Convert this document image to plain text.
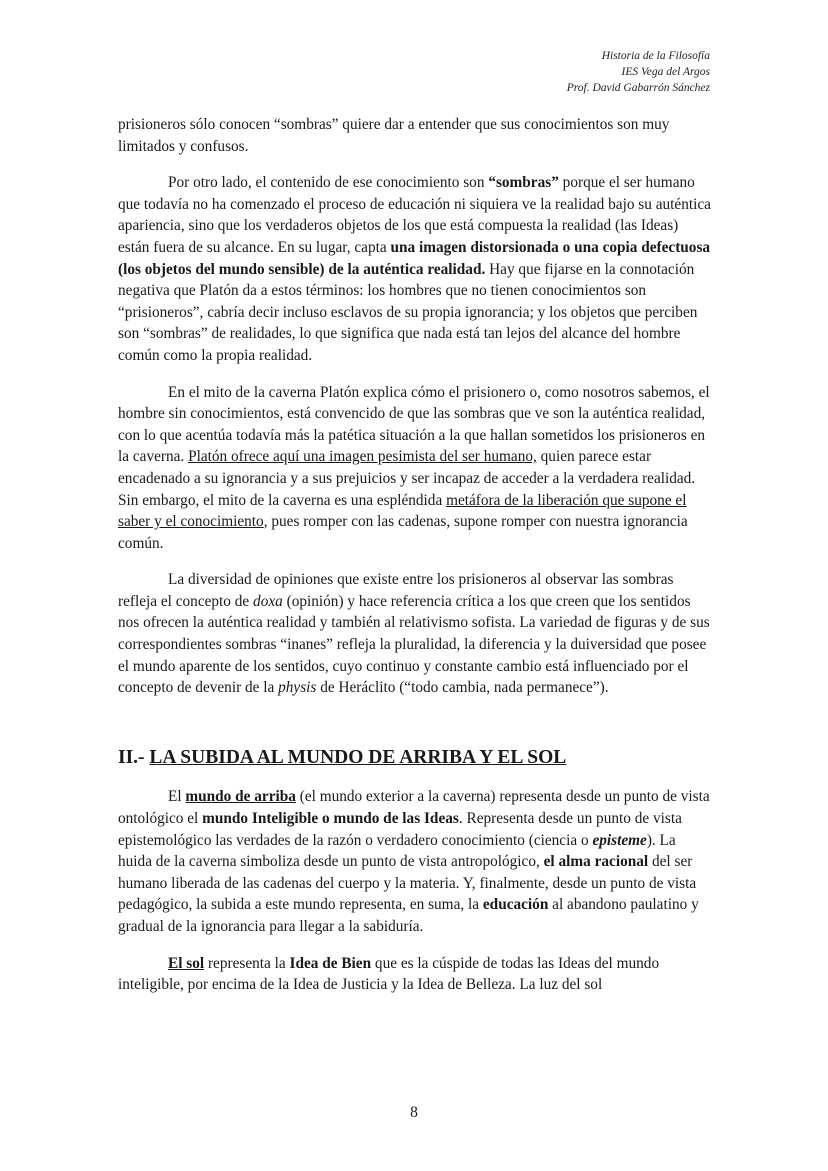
Historia de la Filosofía
IES Vega del Argos
Prof. David Gabarrón Sánchez

prisioneros sólo conocen “sombras” quiere dar a entender que sus conocimientos son muy limitados y confusos.

Por otro lado, el contenido de ese conocimiento son “sombras” porque el ser humano que todavía no ha comenzado el proceso de educación ni siquiera ve la realidad bajo su auténtica apariencia, sino que los verdaderos objetos de los que está compuesta la realidad (las Ideas) están fuera de su alcance. En su lugar, capta una imagen distorsionada o una copia defectuosa (los objetos del mundo sensible) de la auténtica realidad. Hay que fijarse en la connotación negativa que Platón da a estos términos: los hombres que no tienen conocimientos son “prisioneros”, cabría decir incluso esclavos de su propia ignorancia; y los objetos que perciben son “sombras” de realidades, lo que significa que nada está tan lejos del alcance del hombre común como la propia realidad.

En el mito de la caverna Platón explica cómo el prisionero o, como nosotros sabemos, el hombre sin conocimientos, está convencido de que las sombras que ve son la auténtica realidad, con lo que acentúa todavía más la patética situación a la que hallan sometidos los prisioneros en la caverna. Platón ofrece aquí una imagen pesimista del ser humano, quien parece estar encadenado a su ignorancia y a sus prejuicios y ser incapaz de acceder a la verdadera realidad. Sin embargo, el mito de la caverna es una espléndida metáfora de la liberación que supone el saber y el conocimiento, pues romper con las cadenas, supone romper con nuestra ignorancia común.

La diversidad de opiniones que existe entre los prisioneros al observar las sombras refleja el concepto de doxa (opinión) y hace referencia crítica a los que creen que los sentidos nos ofrecen la auténtica realidad y también al relativismo sofista. La variedad de figuras y de sus correspondientes sombras “inanes” refleja la pluralidad, la diferencia y la duiversidad que posee el mundo aparente de los sentidos, cuyo continuo y constante cambio está influenciado por el concepto de devenir de la physis de Heráclito (“todo cambia, nada permanece”).

II.- LA SUBIDA AL MUNDO DE ARRIBA Y EL SOL

El mundo de arriba (el mundo exterior a la caverna) representa desde un punto de vista ontológico el mundo Inteligible o mundo de las Ideas. Representa desde un punto de vista epistemológico las verdades de la razón o verdadero conocimiento (ciencia o episteme). La huida de la caverna simboliza desde un punto de vista antropológico, el alma racional del ser humano liberada de las cadenas del cuerpo y la materia. Y, finalmente, desde un punto de vista pedagógico, la subida a este mundo representa, en suma, la educación al abandono paulatino y gradual de la ignorancia para llegar a la sabiduría.

El sol representa la Idea de Bien que es la cúspide de todas las Ideas del mundo inteligible, por encima de la Idea de Justicia y la Idea de Belleza. La luz del sol

8
